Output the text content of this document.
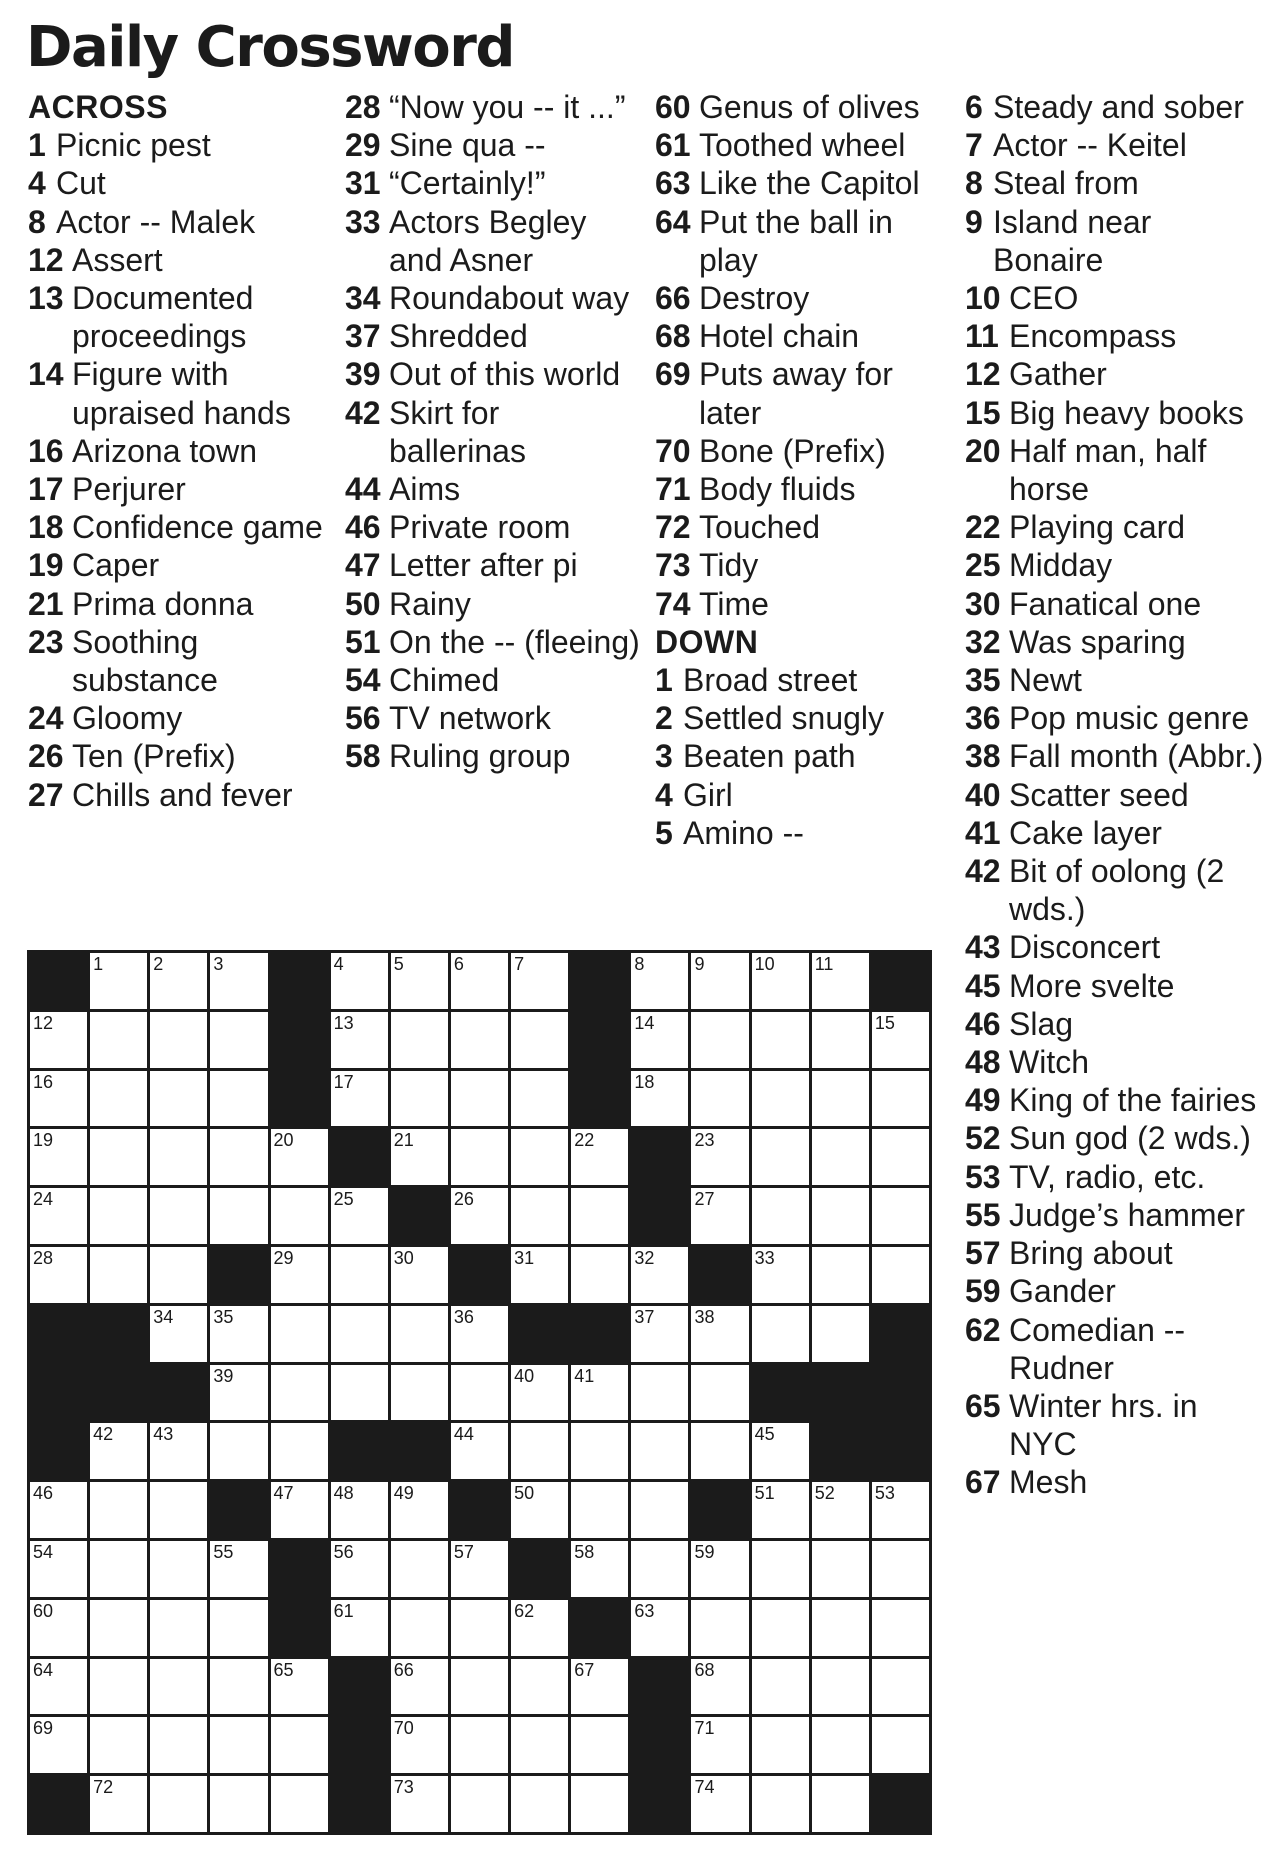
Daily Crossword
ACROSS
1 Picnic pest
4 Cut
8 Actor -- Malek
12 Assert
13 Documented proceedings
14 Figure with upraised hands
16 Arizona town
17 Perjurer
18 Confidence game
19 Caper
21 Prima donna
23 Soothing substance
24 Gloomy
26 Ten (Prefix)
27 Chills and fever
28 “Now you -- it ...”
29 Sine qua --
31 “Certainly!”
33 Actors Begley and Asner
34 Roundabout way
37 Shredded
39 Out of this world
42 Skirt for ballerinas
44 Aims
46 Private room
47 Letter after pi
50 Rainy
51 On the -- (fleeing)
54 Chimed
56 TV network
58 Ruling group
60 Genus of olives
61 Toothed wheel
63 Like the Capitol
64 Put the ball in play
66 Destroy
68 Hotel chain
69 Puts away for later
70 Bone (Prefix)
71 Body fluids
72 Touched
73 Tidy
74 Time
DOWN
1 Broad street
2 Settled snugly
3 Beaten path
4 Girl
5 Amino --
6 Steady and sober
7 Actor -- Keitel
8 Steal from
9 Island near Bonaire
10 CEO
11 Encompass
12 Gather
15 Big heavy books
20 Half man, half horse
22 Playing card
25 Midday
30 Fanatical one
32 Was sparing
35 Newt
36 Pop music genre
38 Fall month (Abbr.)
40 Scatter seed
41 Cake layer
42 Bit of oolong (2 wds.)
43 Disconcert
45 More svelte
46 Slag
48 Witch
49 King of the fairies
52 Sun god (2 wds.)
53 TV, radio, etc.
55 Judge’s hammer
57 Bring about
59 Gander
62 Comedian -- Rudner
65 Winter hrs. in NYC
67 Mesh
1	2	3	4	5	6	7	8	9	10 11
12	13	14	15
16	17	18
19	20	21	22	23
24	25	26	27
28	29	30	31	32	33
34 35	36	37 38
39	40 41
42 43	44	45
46	47 48 49	50	51 52 53
54	55	56	57	58	59
60	61	62	63
64	65	66	67	68
69	70	71
72	73	74
